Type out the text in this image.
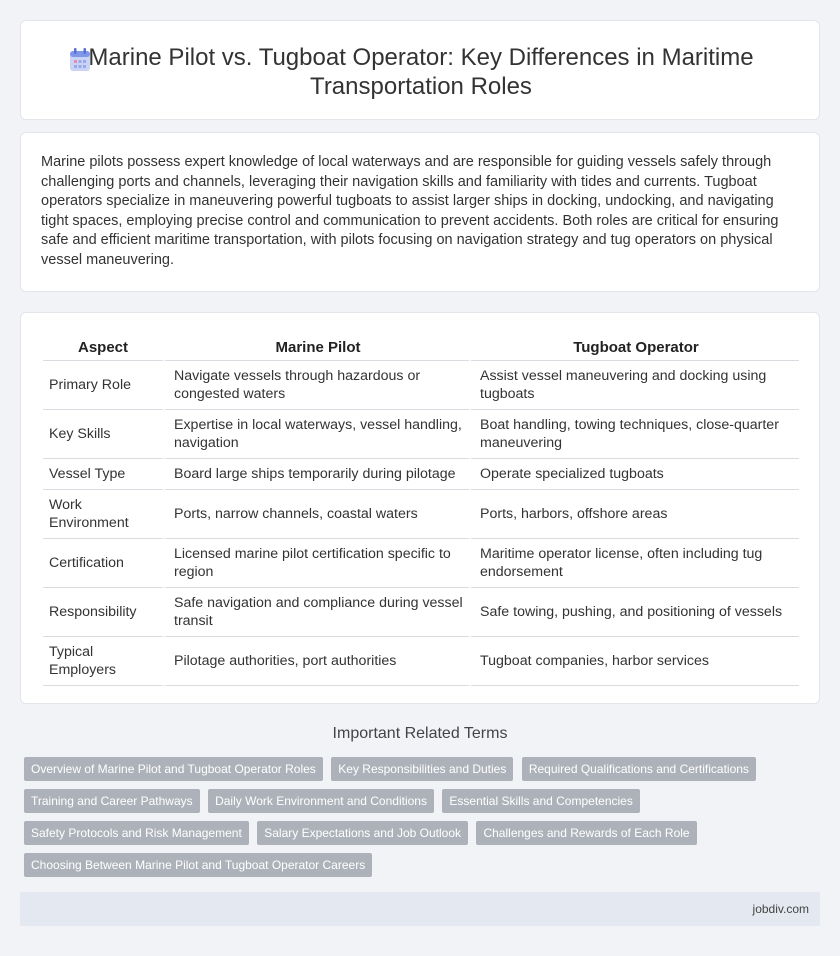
Marine Pilot vs. Tugboat Operator: Key Differences in Maritime Transportation Roles

Marine pilots possess expert knowledge of local waterways and are responsible for guiding vessels safely through challenging ports and channels, leveraging their navigation skills and familiarity with tides and currents. Tugboat operators specialize in maneuvering powerful tugboats to assist larger ships in docking, undocking, and navigating tight spaces, employing precise control and communication to prevent accidents. Both roles are critical for ensuring safe and efficient maritime transportation, with pilots focusing on navigation strategy and tug operators on physical vessel maneuvering.

Aspect	Marine Pilot	Tugboat Operator
Primary Role	Navigate vessels through hazardous or congested waters	Assist vessel maneuvering and docking using tugboats
Key Skills	Expertise in local waterways, vessel handling, navigation	Boat handling, towing techniques, close-quarter maneuvering
Vessel Type	Board large ships temporarily during pilotage	Operate specialized tugboats
Work Environment	Ports, narrow channels, coastal waters	Ports, harbors, offshore areas
Certification	Licensed marine pilot certification specific to region	Maritime operator license, often including tug endorsement
Responsibility	Safe navigation and compliance during vessel transit	Safe towing, pushing, and positioning of vessels
Typical Employers	Pilotage authorities, port authorities	Tugboat companies, harbor services
Important Related Terms
Overview of Marine Pilot and Tugboat Operator Roles Key Responsibilities and Duties Required Qualifications and Certifications Training and Career Pathways Daily Work Environment and Conditions Essential Skills and Competencies Safety Protocols and Risk Management Salary Expectations and Job Outlook Challenges and Rewards of Each Role Choosing Between Marine Pilot and Tugboat Operator Careers
jobdiv.com
